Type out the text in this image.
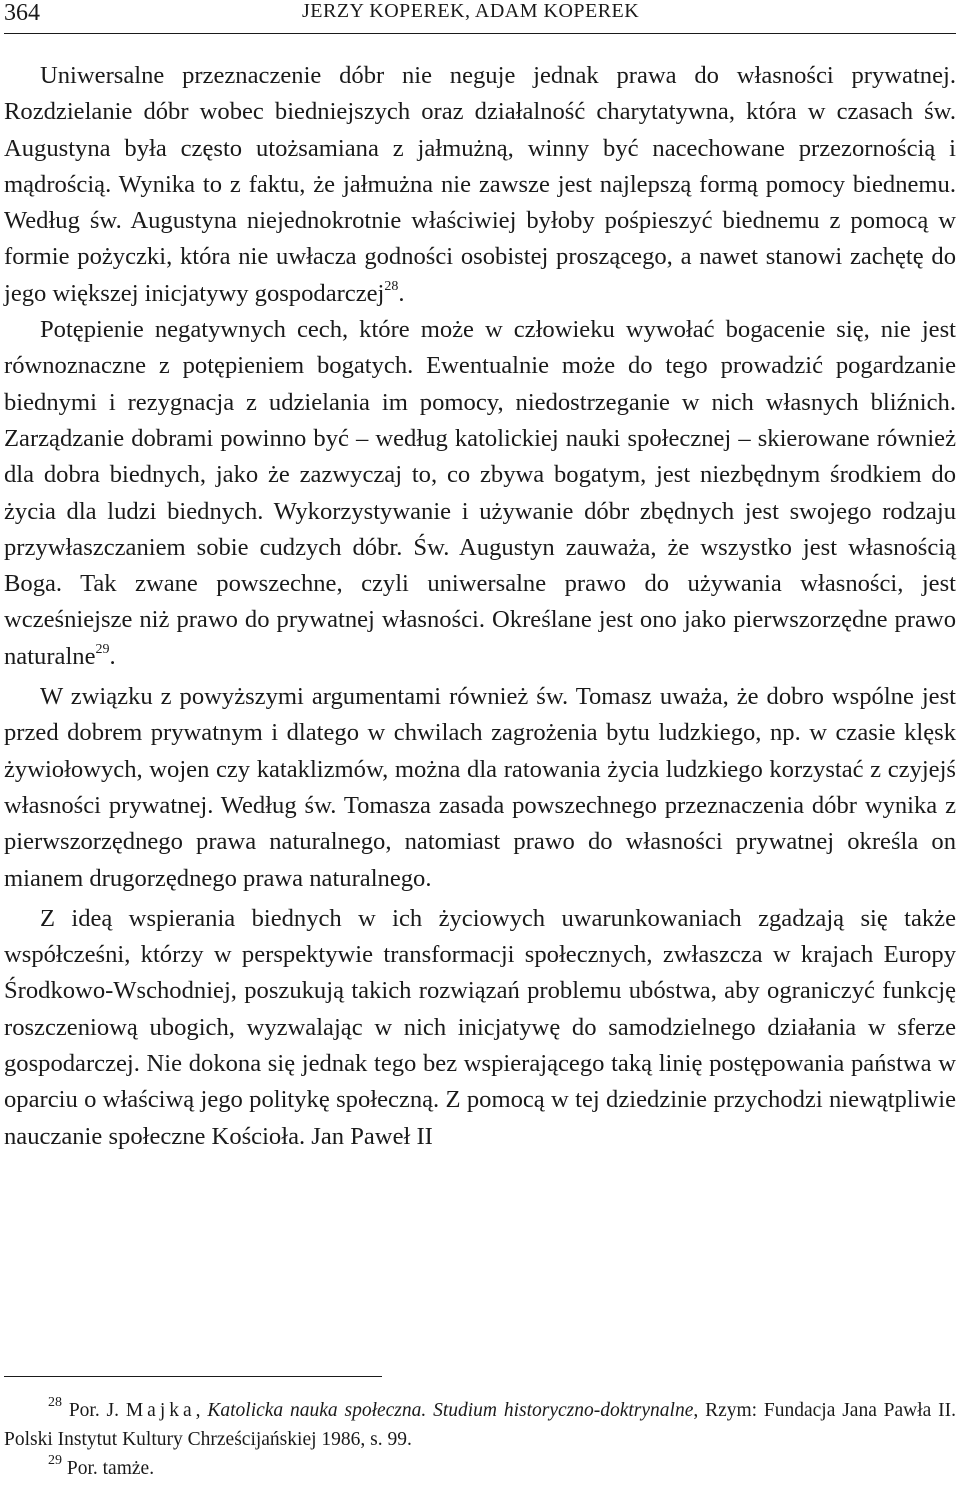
364	JERZY KOPEREK, ADAM KOPEREK

Uniwersalne przeznaczenie dóbr nie neguje jednak prawa do własności prywatnej. Rozdzielanie dóbr wobec biedniejszych oraz działalność charytatywna, która w czasach św. Augustyna była często utożsamiana z jałmużną, winny być nacechowane przezornością i mądrością. Wynika to z faktu, że jałmużna nie zawsze jest najlepszą formą pomocy biednemu. Według św. Augustyna niejednokrotnie właściwiej byłoby pośpieszyć biednemu z pomocą w formie pożyczki, która nie uwłacza godności osobistej proszącego, a nawet stanowi zachętę do jego większej inicjatywy gospodarczej$^{28}$.

Potępienie negatywnych cech, które może w człowieku wywołać bogacenie się, nie jest równoznaczne z potępieniem bogatych. Ewentualnie może do tego prowadzić pogardzanie biednymi i rezygnacja z udzielania im pomocy, niedostrzeganie w nich własnych bliźnich. Zarządzanie dobrami powinno być – według katolickiej nauki społecznej – skierowane również dla dobra biednych, jako że zazwyczaj to, co zbywa bogatym, jest niezbędnym środkiem do życia dla ludzi biednych. Wykorzystywanie i używanie dóbr zbędnych jest swojego rodzaju przywłaszczaniem sobie cudzych dóbr. Św. Augustyn zauważa, że wszystko jest własnością Boga. Tak zwane powszechne, czyli uniwersalne prawo do używania własności, jest wcześniejsze niż prawo do prywatnej własności. Określane jest ono jako pierwszorzędne prawo naturalne$^{29}$.

W związku z powyższymi argumentami również św. Tomasz uważa, że dobro wspólne jest przed dobrem prywatnym i dlatego w chwilach zagrożenia bytu ludzkiego, np. w czasie klęsk żywiołowych, wojen czy kataklizmów, można dla ratowania życia ludzkiego korzystać z czyjejś własności prywatnej. Według św. Tomasza zasada powszechnego przeznaczenia dóbr wynika z pierwszorzędnego prawa naturalnego, natomiast prawo do własności prywatnej określa on mianem drugorzędnego prawa naturalnego.

Z ideą wspierania biednych w ich życiowych uwarunkowaniach zgadzają się także współcześni, którzy w perspektywie transformacji społecznych, zwłaszcza w krajach Europy Środkowo-Wschodniej, poszukują takich rozwiązań problemu ubóstwa, aby ograniczyć funkcję roszczeniową ubogich, wyzwalając w nich inicjatywę do samodzielnego działania w sferze gospodarczej. Nie dokona się jednak tego bez wspierającego taką linię postępowania państwa w oparciu o właściwą jego politykę społeczną. Z pomocą w tej dziedzinie przychodzi niewątpliwie nauczanie społeczne Kościoła. Jan Paweł II

$^{28}$ Por. J. Majka, Katolicka nauka społeczna. Studium historyczno-doktrynalne, Rzym: Fundacja Jana Pawła II. Polski Instytut Kultury Chrześcijańskiej 1986, s. 99.

$^{29}$ Por. tamże.
